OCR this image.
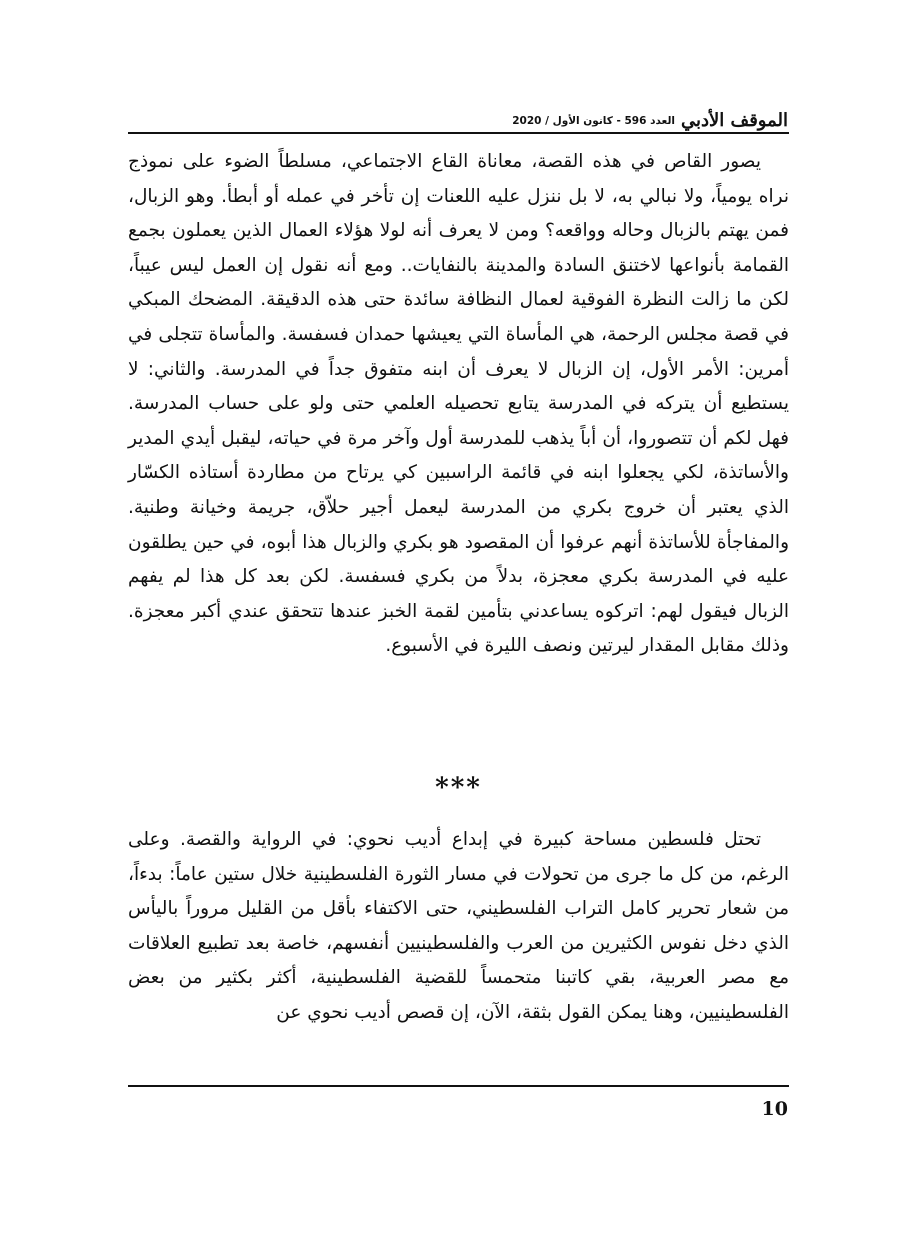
الموقف الأدبي
العدد 596 - كانون الأول / 2020

يصور القاص في هذه القصة، معاناة القاع الاجتماعي، مسلطاً الضوء على نموذج نراه يومياً، ولا نبالي به، لا بل ننزل عليه اللعنات إن تأخر في عمله أو أبطأ. وهو الزبال، فمن يهتم بالزبال وحاله وواقعه؟ ومن لا يعرف أنه لولا هؤلاء العمال الذين يعملون بجمع القمامة بأنواعها لاختنق السادة والمدينة بالنفايات.. ومع أنه نقول إن العمل ليس عيباً، لكن ما زالت النظرة الفوقية لعمال النظافة سائدة حتى هذه الدقيقة. المضحك المبكي في قصة مجلس الرحمة، هي المأساة التي يعيشها حمدان فسفسة. والمأساة تتجلى في أمرين: الأمر الأول، إن الزبال لا يعرف أن ابنه متفوق جداً في المدرسة. والثاني: لا يستطيع أن يتركه في المدرسة يتابع تحصيله العلمي حتى ولو على حساب المدرسة. فهل لكم أن تتصوروا، أن أباً يذهب للمدرسة أول وآخر مرة في حياته، ليقبل أيدي المدير والأساتذة، لكي يجعلوا ابنه في قائمة الراسبين كي يرتاح من مطاردة أستاذه الكسّار الذي يعتبر أن خروج بكري من المدرسة ليعمل أجير حلاّق، جريمة وخيانة وطنية. والمفاجأة للأساتذة أنهم عرفوا أن المقصود هو بكري والزبال هذا أبوه، في حين يطلقون عليه في المدرسة بكري معجزة، بدلاً من بكري فسفسة. لكن بعد كل هذا لم يفهم الزبال فيقول لهم: اتركوه يساعدني بتأمين لقمة الخبز عندها تتحقق عندي أكبر معجزة. وذلك مقابل المقدار ليرتين ونصف الليرة في الأسبوع.

***

تحتل فلسطين مساحة كبيرة في إبداع أديب نحوي: في الرواية والقصة. وعلى الرغم، من كل ما جرى من تحولات في مسار الثورة الفلسطينية خلال ستين عاماً: بدءاً، من شعار تحرير كامل التراب الفلسطيني، حتى الاكتفاء بأقل من القليل مروراً باليأس الذي دخل نفوس الكثيرين من العرب والفلسطينيين أنفسهم، خاصة بعد تطبيع العلاقات مع مصر العربية، بقي كاتبنا متحمساً للقضية الفلسطينية، أكثر بكثير من بعض الفلسطينيين، وهنا يمكن القول بثقة، الآن، إن قصص أديب نحوي عن

10
